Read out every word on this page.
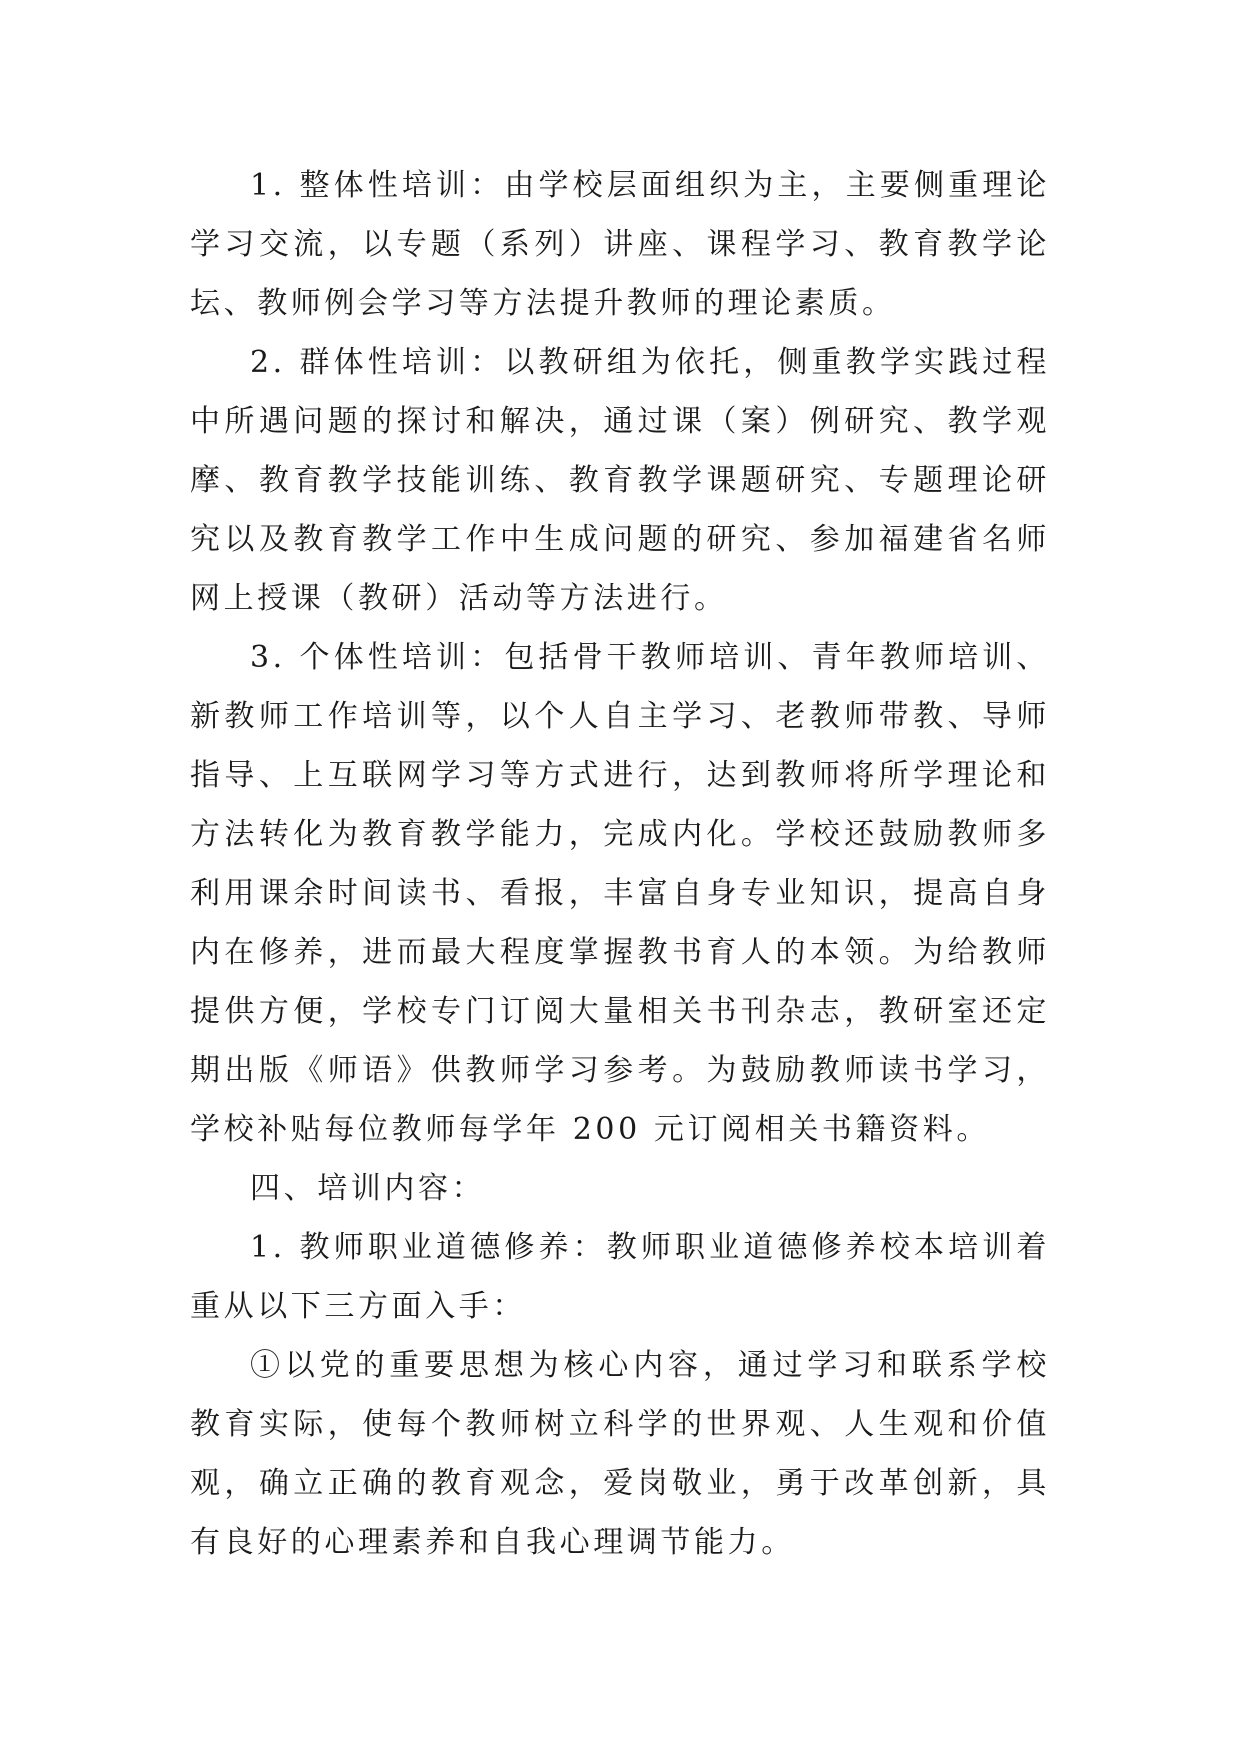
1. 整体性培训：由学校层面组织为主，主要侧重理论学习交流，以专题（系列）讲座、课程学习、教育教学论坛、教师例会学习等方法提升教师的理论素质。

2. 群体性培训：以教研组为依托，侧重教学实践过程中所遇问题的探讨和解决，通过课（案）例研究、教学观摩、教育教学技能训练、教育教学课题研究、专题理论研究以及教育教学工作中生成问题的研究、参加福建省名师网上授课（教研）活动等方法进行。

3. 个体性培训：包括骨干教师培训、青年教师培训、新教师工作培训等，以个人自主学习、老教师带教、导师指导、上互联网学习等方式进行，达到教师将所学理论和方法转化为教育教学能力，完成内化。学校还鼓励教师多利用课余时间读书、看报，丰富自身专业知识，提高自身内在修养，进而最大程度掌握教书育人的本领。为给教师提供方便，学校专门订阅大量相关书刊杂志，教研室还定期出版《师语》供教师学习参考。为鼓励教师读书学习，学校补贴每位教师每学年 200 元订阅相关书籍资料。

四、培训内容：

1. 教师职业道德修养：教师职业道德修养校本培训着重从以下三方面入手：

①以党的重要思想为核心内容，通过学习和联系学校教育实际，使每个教师树立科学的世界观、人生观和价值观，确立正确的教育观念，爱岗敬业，勇于改革创新，具有良好的心理素养和自我心理调节能力。
